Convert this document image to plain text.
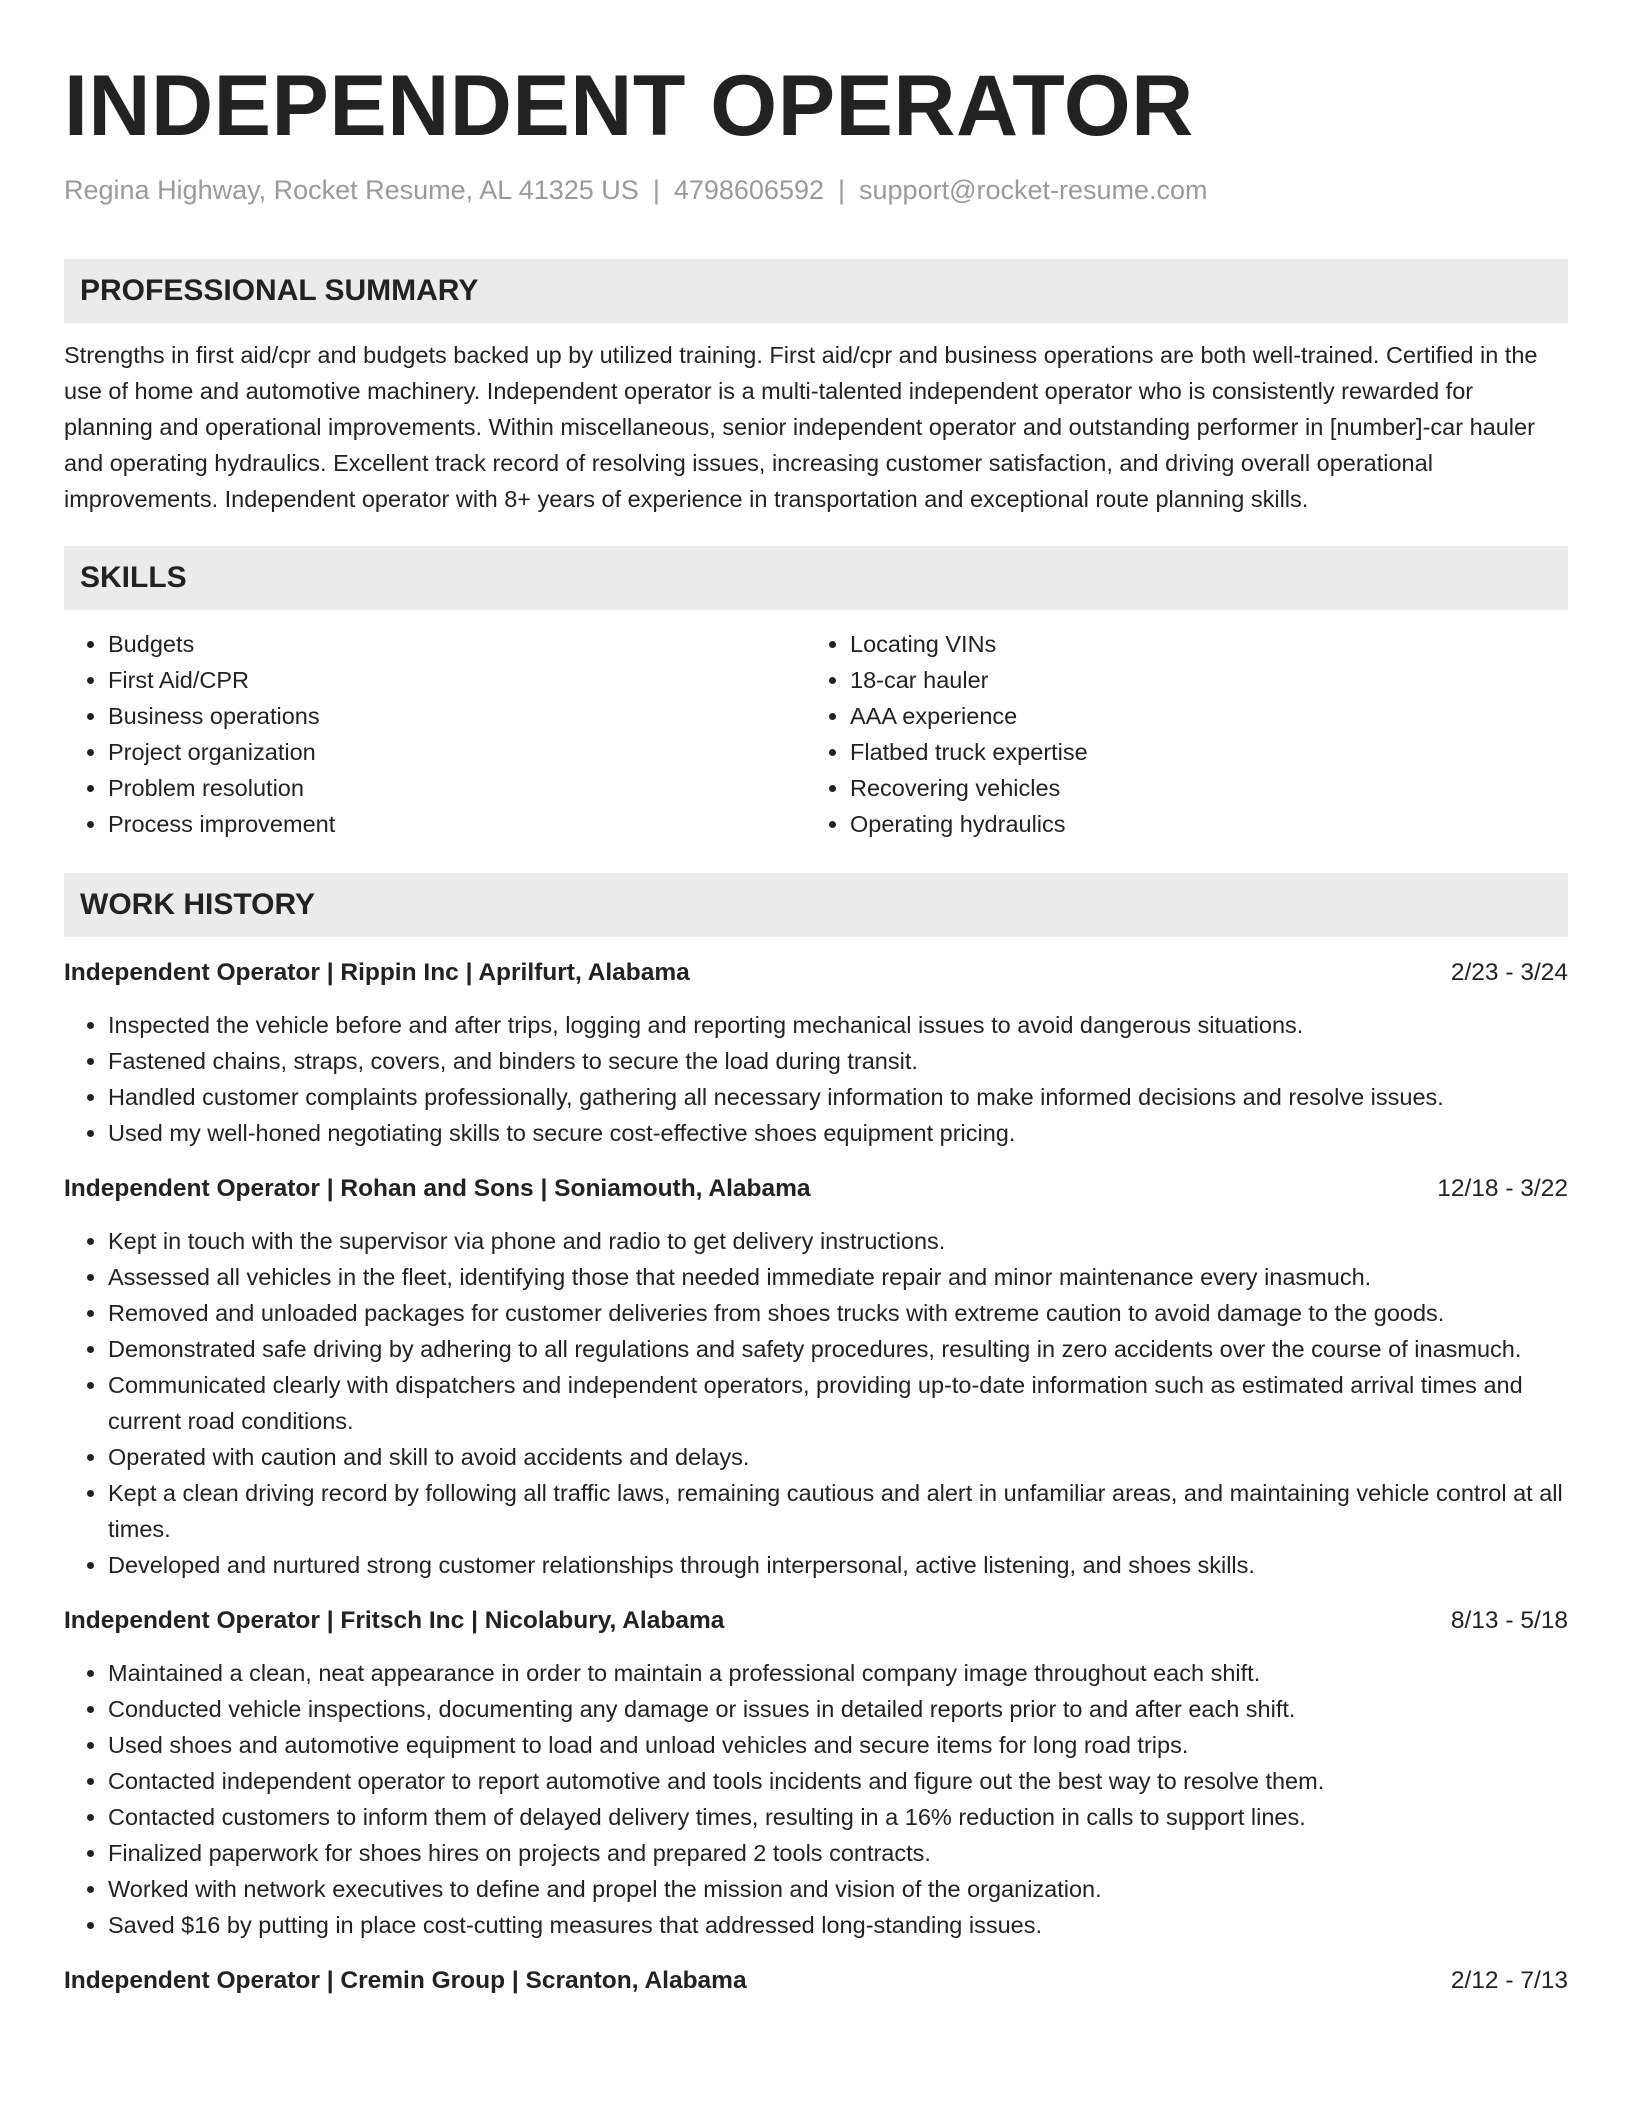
INDEPENDENT OPERATOR
Regina Highway, Rocket Resume, AL 41325 US | 4798606592 | support@rocket-resume.com
PROFESSIONAL SUMMARY

Strengths in first aid/cpr and budgets backed up by utilized training. First aid/cpr and business operations are both well-trained. Certified in the use of home and automotive machinery. Independent operator is a multi-talented independent operator who is consistently rewarded for planning and operational improvements. Within miscellaneous, senior independent operator and outstanding performer in [number]-car hauler and operating hydraulics. Excellent track record of resolving issues, increasing customer satisfaction, and driving overall operational improvements. Independent operator with 8+ years of experience in transportation and exceptional route planning skills.

SKILLS
• Budgets
• First Aid/CPR
• Business operations
• Project organization
• Problem resolution
• Process improvement
• Locating VINs
• 18-car hauler
• AAA experience
• Flatbed truck expertise
• Recovering vehicles
• Operating hydraulics
WORK HISTORY
Independent Operator | Rippin Inc | Aprilfurt, Alabama	2/23 - 3/24
• Inspected the vehicle before and after trips, logging and reporting mechanical issues to avoid dangerous situations.
• Fastened chains, straps, covers, and binders to secure the load during transit.
• Handled customer complaints professionally, gathering all necessary information to make informed decisions and resolve issues.
• Used my well-honed negotiating skills to secure cost-effective shoes equipment pricing.
Independent Operator | Rohan and Sons | Soniamouth, Alabama	12/18 - 3/22
• Kept in touch with the supervisor via phone and radio to get delivery instructions.
• Assessed all vehicles in the fleet, identifying those that needed immediate repair and minor maintenance every inasmuch.
• Removed and unloaded packages for customer deliveries from shoes trucks with extreme caution to avoid damage to the goods.
• Demonstrated safe driving by adhering to all regulations and safety procedures, resulting in zero accidents over the course of inasmuch.
• Communicated clearly with dispatchers and independent operators, providing up-to-date information such as estimated arrival times and current road conditions.
• Operated with caution and skill to avoid accidents and delays.
• Kept a clean driving record by following all traffic laws, remaining cautious and alert in unfamiliar areas, and maintaining vehicle control at all times.
• Developed and nurtured strong customer relationships through interpersonal, active listening, and shoes skills.
Independent Operator | Fritsch Inc | Nicolabury, Alabama	8/13 - 5/18
• Maintained a clean, neat appearance in order to maintain a professional company image throughout each shift.
• Conducted vehicle inspections, documenting any damage or issues in detailed reports prior to and after each shift.
• Used shoes and automotive equipment to load and unload vehicles and secure items for long road trips.
• Contacted independent operator to report automotive and tools incidents and figure out the best way to resolve them.
• Contacted customers to inform them of delayed delivery times, resulting in a 16% reduction in calls to support lines.
• Finalized paperwork for shoes hires on projects and prepared 2 tools contracts.
• Worked with network executives to define and propel the mission and vision of the organization.
• Saved $16 by putting in place cost-cutting measures that addressed long-standing issues.
Independent Operator | Cremin Group | Scranton, Alabama	2/12 - 7/13
